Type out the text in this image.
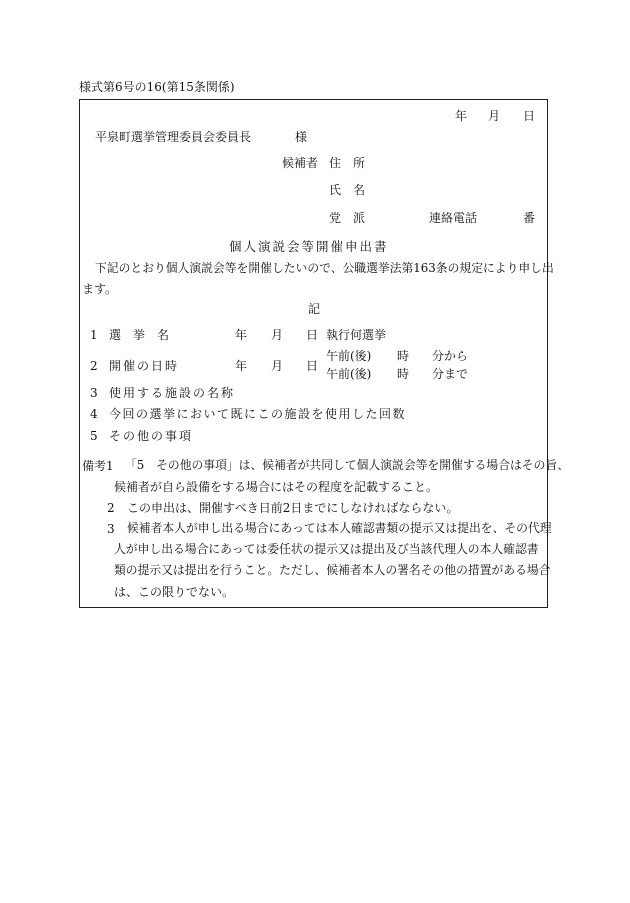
様式第6号の16(第15条関係)
年 月 日
平泉町選挙管理委員会委員長	様
候補者 住　所
氏　名
党　派	連絡電話	番
個人演説会等開催申出書
下記のとおり個人演説会等を開催したいので、公職選挙法第163条の規定により申し出
ます。
記
1 選　挙　名	年 月 日 執行何選挙
2 開催の日時	年 月 日
午前(後) 時 分から
午前(後) 時 分まで
3 使用する施設の名称
4 今回の選挙において既にこの施設を使用した回数
5 その他の事項
備考1 「5　その他の事項」は、候補者が共同して個人演説会等を開催する場合はその旨、
候補者が自ら設備をする場合にはその程度を記載すること。
2 この申出は、開催すべき日前2日までにしなければならない。
3 候補者本人が申し出る場合にあっては本人確認書類の提示又は提出を、その代理
人が申し出る場合にあっては委任状の提示又は提出及び当該代理人の本人確認書
類の提示又は提出を行うこと。ただし、候補者本人の署名その他の措置がある場合
は、この限りでない。
